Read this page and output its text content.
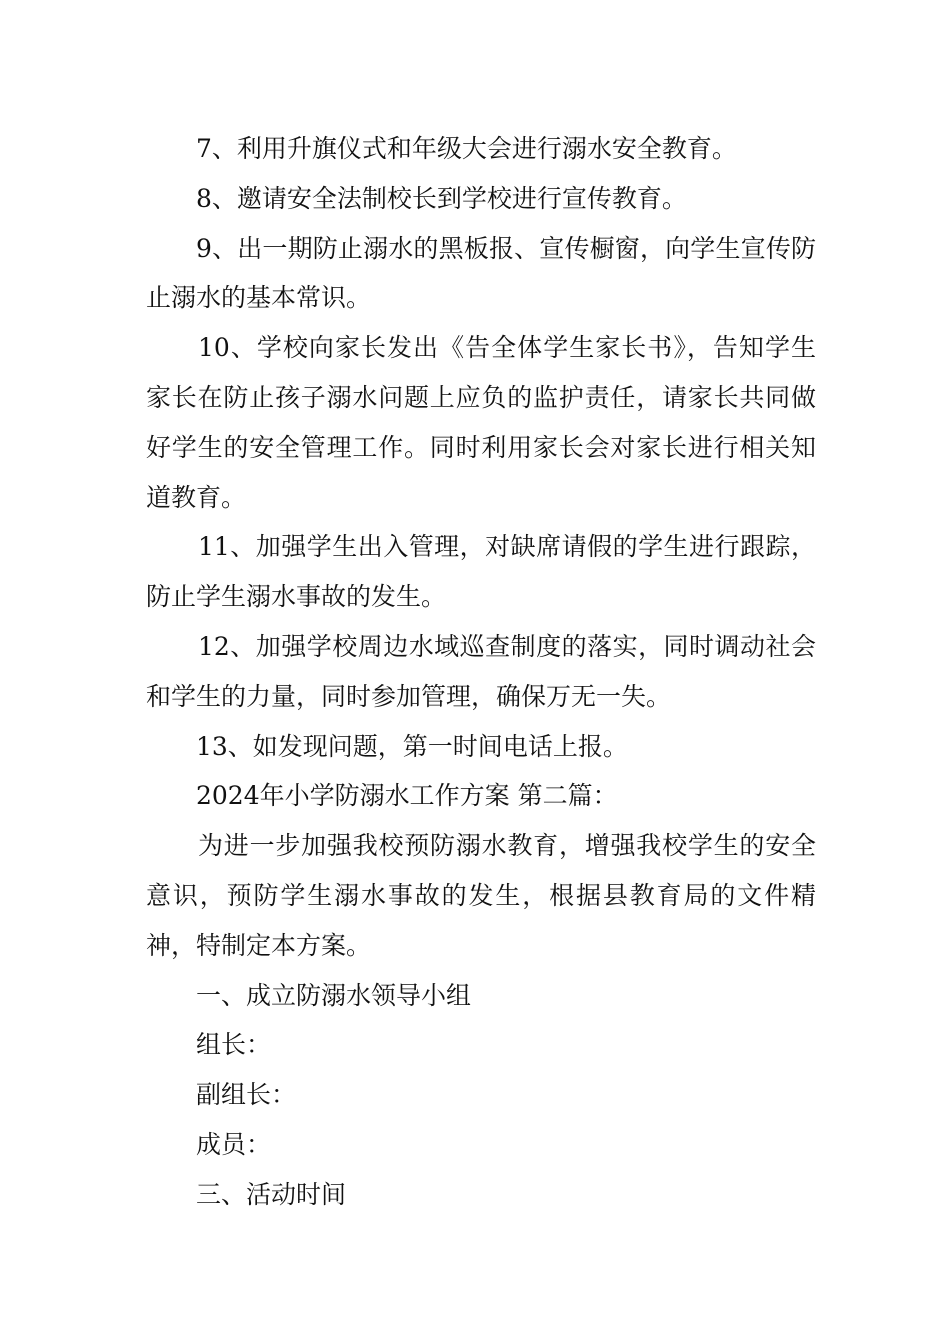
7、利用升旗仪式和年级大会进行溺水安全教育。

8、邀请安全法制校长到学校进行宣传教育。

9、出一期防止溺水的黑板报、宣传橱窗，向学生宣传防止溺水的基本常识。

10、学校向家长发出《告全体学生家长书》，告知学生家长在防止孩子溺水问题上应负的监护责任，请家长共同做好学生的安全管理工作。同时利用家长会对家长进行相关知道教育。

11、加强学生出入管理，对缺席请假的学生进行跟踪，防止学生溺水事故的发生。

12、加强学校周边水域巡查制度的落实，同时调动社会和学生的力量，同时参加管理，确保万无一失。

13、如发现问题，第一时间电话上报。

2024年小学防溺水工作方案 第二篇：

为进一步加强我校预防溺水教育，增强我校学生的安全意识，预防学生溺水事故的发生，根据县教育局的文件精神，特制定本方案。

一、成立防溺水领导小组

组长：

副组长：

成员：

三、活动时间
